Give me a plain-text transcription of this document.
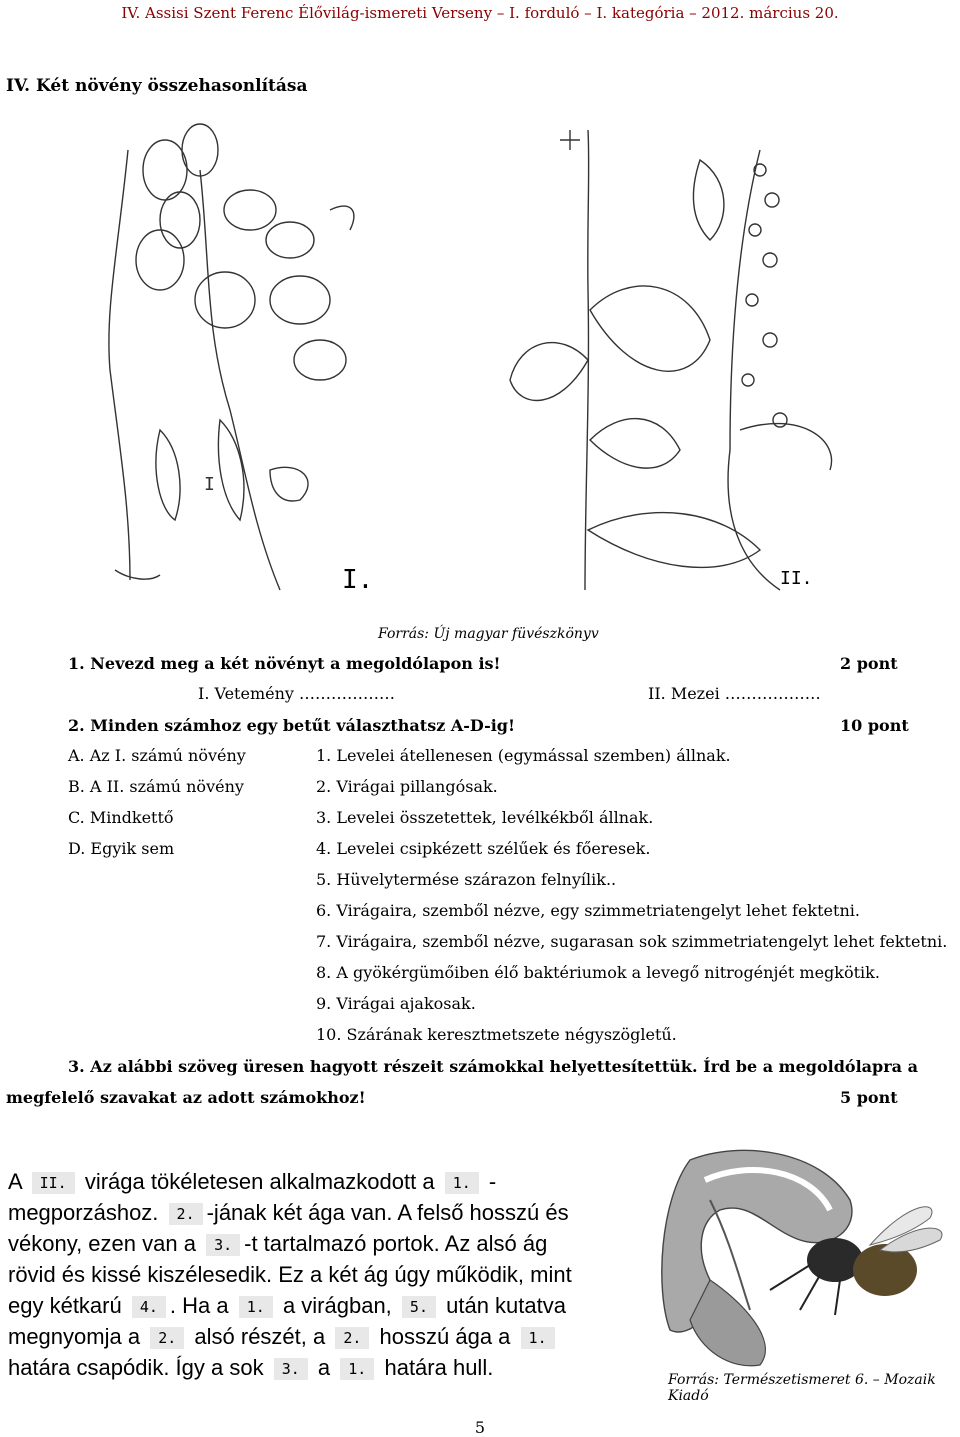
IV. Assisi Szent Ferenc Élővilág-ismereti Verseny – I. forduló – I. kategória – 2012. március 20.
IV. Két növény összehasonlítása
I
I.	II.
Forrás: Új magyar füvészkönyv
1. Nevezd meg a két növényt a megoldólapon is!	2 pont
I. Vetemény ………………	II. Mezei ………………
2. Minden számhoz egy betűt választhatsz A-D-ig!	10 pont
A. Az I. számú növény
B. A II. számú növény
C. Mindkettő
D. Egyik sem
1. Levelei átellenesen (egymással szemben) állnak.
2. Virágai pillangósak.
3. Levelei összetettek, levélkékből állnak.
4. Levelei csipkézett szélűek és főeresek.
5. Hüvelytermése szárazon felnyílik..
6. Virágaira, szemből nézve, egy szimmetriatengelyt lehet fektetni.
7. Virágaira, szemből nézve, sugarasan sok szimmetriatengelyt lehet fektetni.
8. A gyökérgümőiben élő baktériumok a levegő nitrogénjét megkötik.
9. Virágai ajakosak.
10. Szárának keresztmetszete négyszögletű.
3. Az alábbi szöveg üresen hagyott részeit számokkal helyettesítettük. Írd be a megoldólapra a
megfelelő szavakat az adott számokhoz!	5 pont
A II. virága tökéletesen alkalmazkodott a 1. -
megporzáshoz. 2. -jának két ága van. A felső hosszú és
vékony, ezen van a 3. -t tartalmazó portok. Az alsó ág
rövid és kissé kiszélesedik. Ez a két ág úgy működik, mint
egy kétkarú 4. . Ha a 1. a virágban, 5. után kutatva
megnyomja a 2. alsó részét, a 2. hosszú ága a 1.
határa csapódik. Így a sok 3. a 1. határa hull.	Forrás: Természetismeret 6. – Mozaik Kiadó
5
